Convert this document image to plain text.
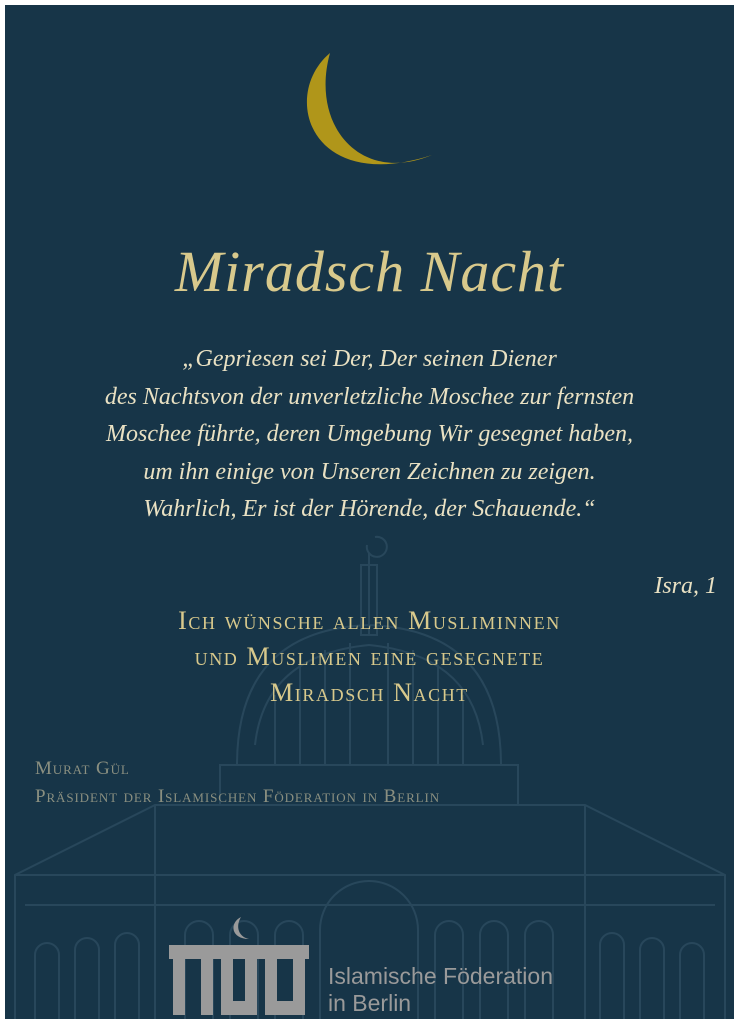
Miradsch Nacht
„Gepriesen sei Der, Der seinen Diener
des Nachtsvon der unverletzliche Moschee zur fernsten
Moschee führte, deren Umgebung Wir gesegnet haben,
um ihn einige von Unseren Zeichnen zu zeigen.
Wahrlich, Er ist der Hörende, der Schauende.“
Isra, 1
Ich wünsche allen Musliminnen
und Muslimen eine gesegnete
Miradsch Nacht
Murat Gül
Präsident der Islamischen Föderation in Berlin
Islamische Föderation
in Berlin
